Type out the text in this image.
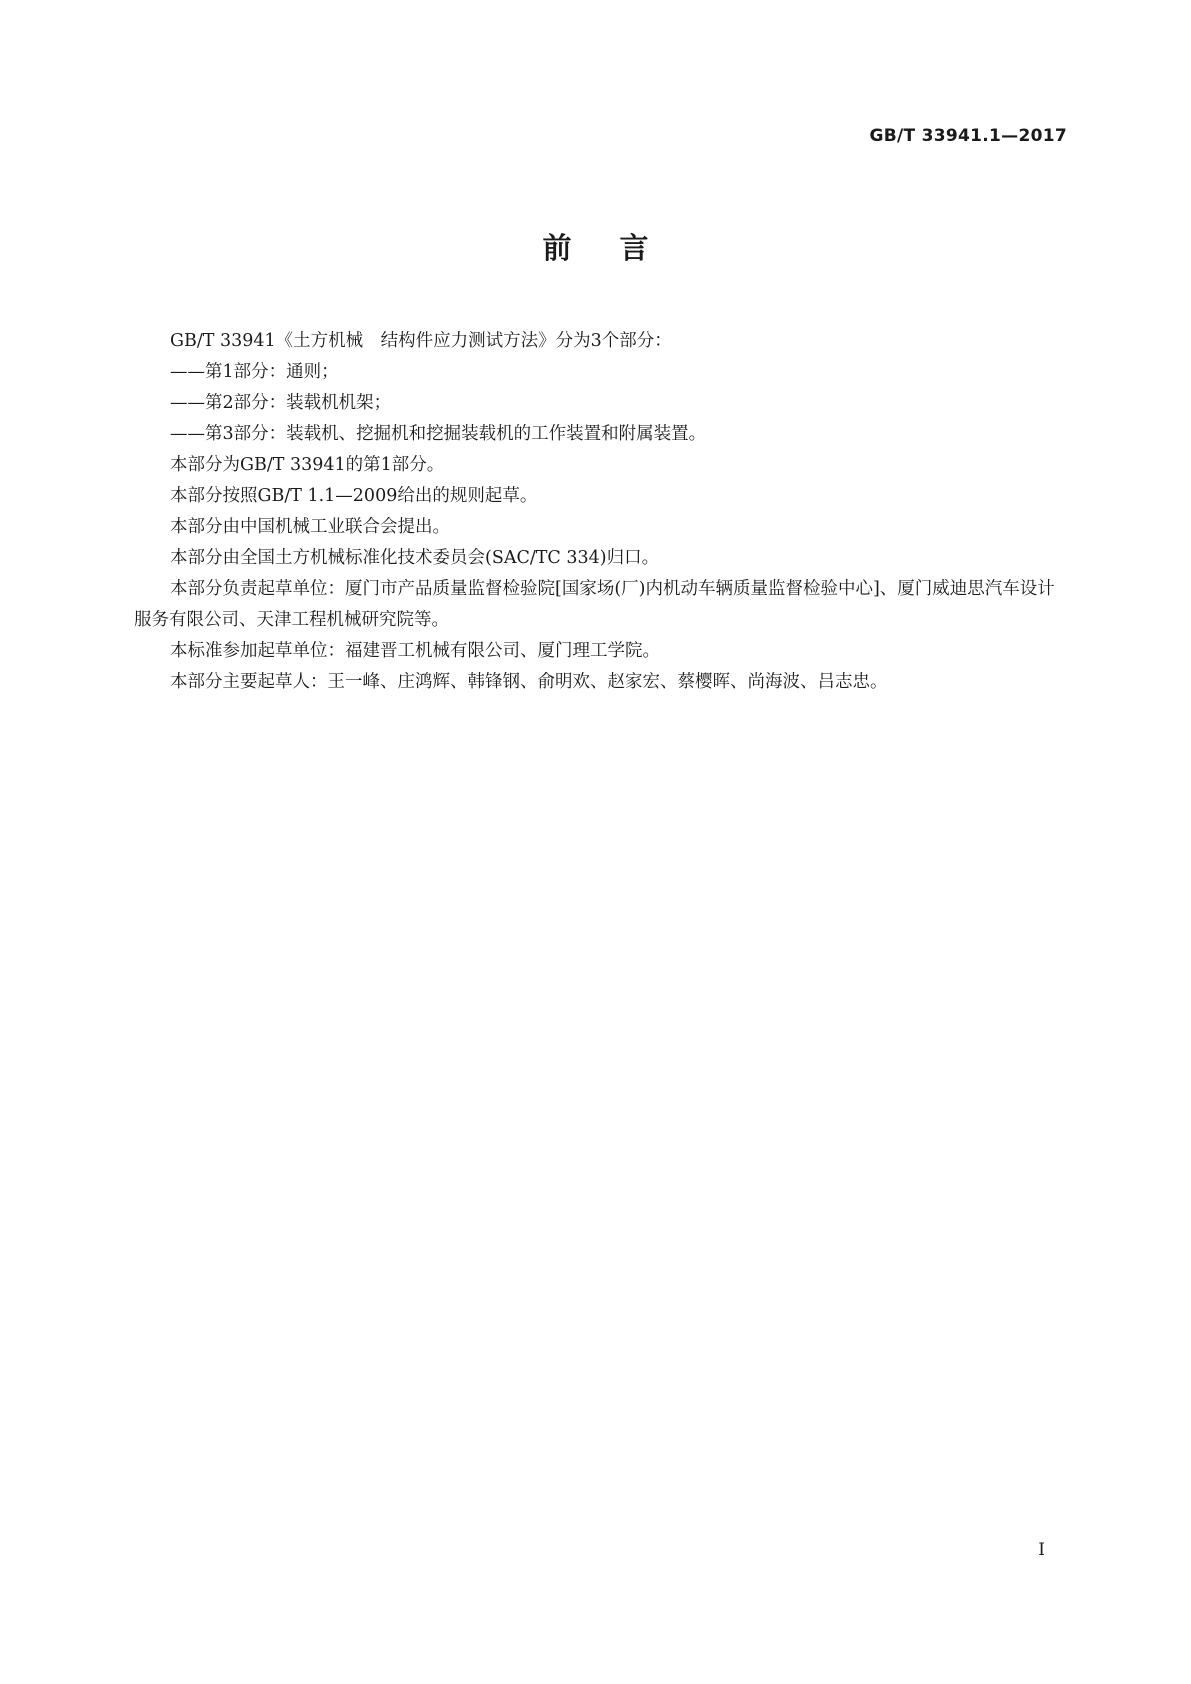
GB/T 33941.1—2017
前言

GB/T 33941《土方机械　结构件应力测试方法》分为3个部分：

——第1部分：通则；

——第2部分：装载机机架；

——第3部分：装载机、挖掘机和挖掘装载机的工作装置和附属装置。

本部分为GB/T 33941的第1部分。

本部分按照GB/T 1.1—2009给出的规则起草。

本部分由中国机械工业联合会提出。

本部分由全国土方机械标准化技术委员会(SAC/TC 334)归口。

本部分负责起草单位：厦门市产品质量监督检验院[国家场(厂)内机动车辆质量监督检验中心]、厦门威迪思汽车设计服务有限公司、天津工程机械研究院等。

本标准参加起草单位：福建晋工机械有限公司、厦门理工学院。

本部分主要起草人：王一峰、庄鸿辉、韩锋钢、俞明欢、赵家宏、蔡樱晖、尚海波、吕志忠。

I
